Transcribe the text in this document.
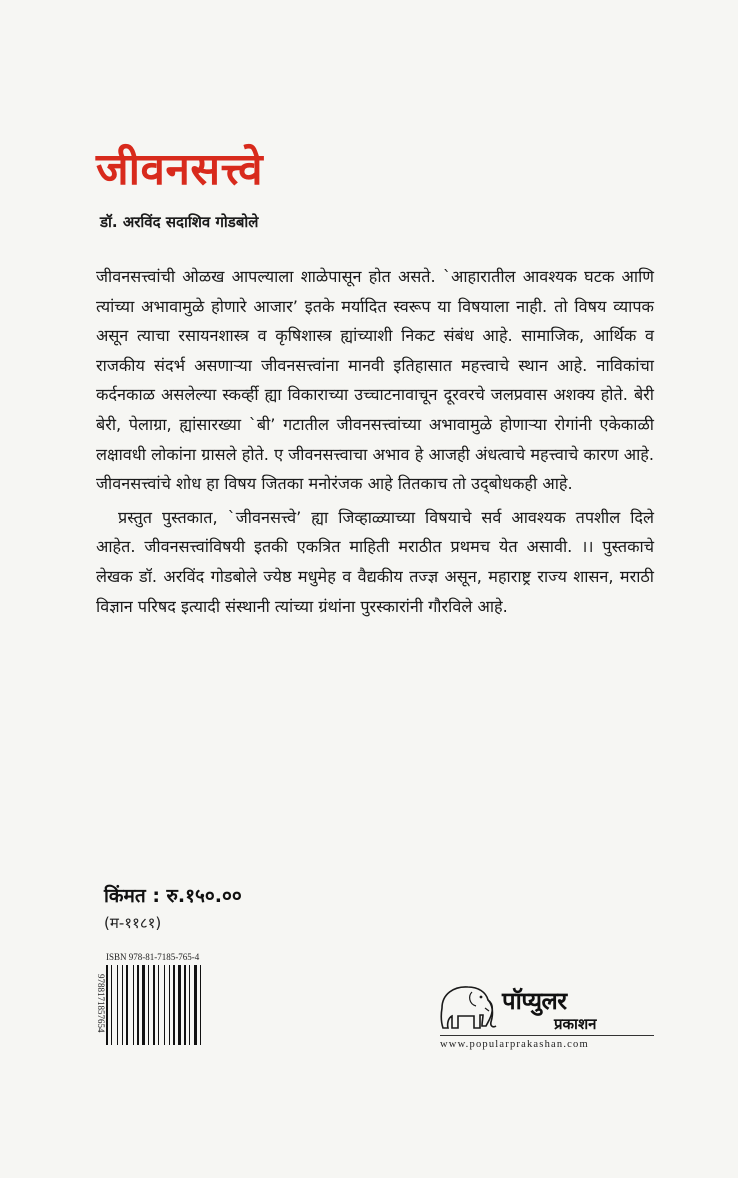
जीवनसत्त्वे
डॉ. अरविंद सदाशिव गोडबोले

जीवनसत्त्वांची ओळख आपल्याला शाळेपासून होत असते. `आहारातील आवश्यक घटक आणि त्यांच्या अभावामुळे होणारे आजार’ इतके मर्यादित स्वरूप या विषयाला नाही. तो विषय व्यापक असून त्याचा रसायनशास्त्र व कृषिशास्त्र ह्यांच्याशी निकट संबंध आहे. सामाजिक, आर्थिक व राजकीय संदर्भ असणाऱ्या जीवनसत्त्वांना मानवी इतिहासात महत्त्वाचे स्थान आहे. नाविकांचा कर्दनकाळ असलेल्या स्कर्व्ही ह्या विकाराच्या उच्चाटनावाचून दूरवरचे जलप्रवास अशक्य होते. बेरी बेरी, पेलाग्रा, ह्यांसारख्या `बी’ गटातील जीवनसत्त्वांच्या अभावामुळे होणाऱ्या रोगांनी एकेकाळी लक्षावधी लोकांना ग्रासले होते. ए जीवनसत्त्वाचा अभाव हे आजही अंधत्वाचे महत्त्वाचे कारण आहे. जीवनसत्त्वांचे शोध हा विषय जितका मनोरंजक आहे तितकाच तो उद्‌बोधकही आहे.

प्रस्तुत पुस्तकात, `जीवनसत्त्वे’ ह्या जिव्हाळ्याच्या विषयाचे सर्व आवश्यक तपशील दिले आहेत. जीवनसत्त्वांविषयी इतकी एकत्रित माहिती मराठीत प्रथमच येत असावी. ।। पुस्तकाचे लेखक डॉ. अरविंद गोडबोले ज्येष्ठ मधुमेह व वैद्यकीय तज्ज्ञ असून, महाराष्ट्र राज्य शासन, मराठी विज्ञान परिषद इत्यादी संस्थानी त्यांच्या ग्रंथांना पुरस्कारांनी गौरविले आहे.

किंमत : रु.१५०.००
(म-११८१)
ISBN 978-81-7185-765-4
9788171857654	पॉप्युलर
प्रकाशन
www.popularprakashan.com
